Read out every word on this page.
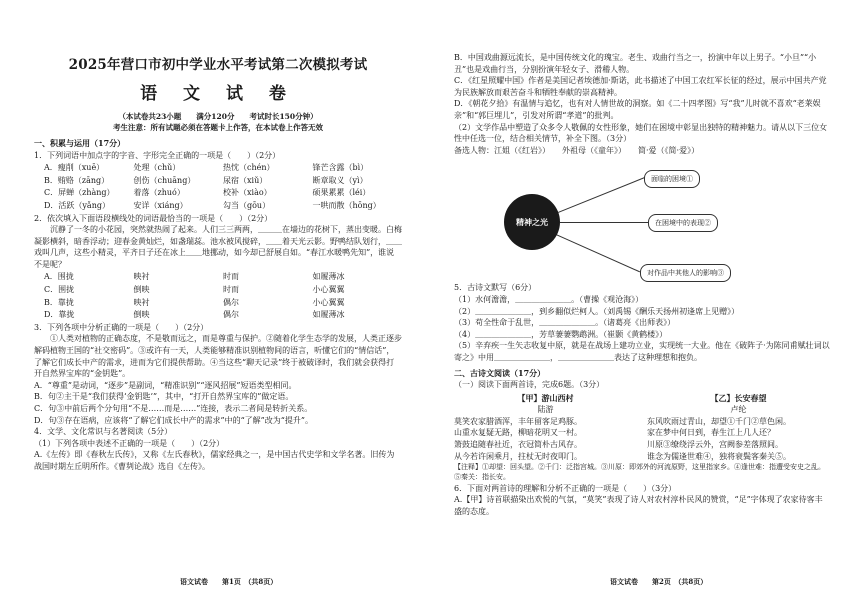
2025年营口市初中学业水平考试第二次模拟考试
语 文 试 卷

（本试卷共23小题　　满分120分　　考试时长150分钟）

考生注意：所有试题必须在答题卡上作答，在本试卷上作答无效

一、积累与运用（17分）

1．下列词语中加点字的字音、字形完全正确的一项是（　　）（2分）

A．瘦削（xuē）	处理（chǔ）	热忱（chén）	锋芒含露（bì）
B．贿赂（zāng）	创伤（chuāng）	尿宿（xiǔ）	断章取义（yì）
C．屏蝉（zhàng）	着落（zhuó）	校补（xiào）	硕果累累（léi）
D．活跃（yǎng）	安详（xiáng）	勾当（gōu）	一哄而散（hōng）

2．依次填入下面语段横线处的词语最恰当的一项是（　　）（2分）

沉静了一冬的小花园，突然就热闹了起来。人们三三两两，＿＿＿在墙边的花树下，蒸出变暖。白梅凝影横斜，暗香浮动；迎春金黄灿烂，如盏瑞蕊。池水被风搅碎，＿＿着天光云影。野鸭结队划行，＿＿戏叫几声，这些小精灵，平齐日子还在冰上＿＿地挪动，如今却已舒展自如。“春江水暖鸭先知”，谁说不是呢？

A．围拢	映衬	时而	如履薄冰
C．围拢	倒映	时而	小心翼翼
B．靠拢	映衬	偶尔	小心翼翼
D．靠拢	倒映	偶尔	如履薄冰

3．下列各项中分析正确的一项是（　　）（2分）

①人类对植物的正确态度，不是敬而远之，而是尊重与保护。②随着化学生态学的发展，人类正逐步解码植物王国的“社交密码”。③或许有一天，人类能够精准识别植物间的语言，听懂它们的“情信话”，了解它们成长中产的需求，进而为它们提供帮助。④当这些“聊天记录”终于被破译时，我们就会获得打开自然界宝库的“金钥匙”。

A．“尊重”是动词，“逐步”是副词，“精准识别”“逐风招展”短语类型相同。

B．句②主干是“我们获得‘金钥匙’”，其中，“打开自然界宝库的”做定语。

C．句③中前后两个分句用“不是……而是……”连接，表示二者间是转折关系。

D．句③存在语病，应该将“了解它们成长中产的需求”中的“了解”改为“提升”。

4．文学、文化常识与名著阅读（5分）

（1）下列各项中表述不正确的一项是（　　）（2分）

A.《左传》即《春秋左氏传》，又称《左氏春秋》，儒家经典之一，是中国古代史学和文学名著。旧传为战国时期左丘明所作。《曹刿论战》选自《左传》。

语文试卷　　第1页　（共8页）

B．中国戏曲源远流长，是中国传统文化的瑰宝。老生、戏曲行当之一，扮演中年以上男子。“小旦”“小丑”也是戏曲行当，分别扮演年轻女子、滑稽人物。

C．《红星照耀中国》作者是美国记者埃德加·斯诺，此书描述了中国工农红军长征的经过，展示中国共产党为民族解放而艰苦奋斗和牺牲奉献的崇高精神。

D．《朝花夕拾》有温情与追忆，也有对人情世故的洞察。如《二十四孝图》写“我”儿时就不喜欢“老莱娱亲”和“郭巨埋儿”，引发对所谓“孝道”的批判。

（2）文学作品中塑造了众多令人敬佩的女性形象，她们在困境中彰显出独特的精神魅力。请从以下三位女性中任选一位，结合相关情节，补全下图。（3分）

备选人物：江姐（《红岩》）　　外祖母（《童年》）　　简·爱（《简·爱》）

精神之光
面临的困境①
在困境中的表现②
对作品中其他人的影响③

5．古诗文默写（6分）

（1）水何澹澹，＿＿＿＿＿＿＿。（曹操《观沧海》）

（2）＿＿＿＿＿＿＿，到乡翻似烂柯人。（刘禹锡《酬乐天扬州初逢席上见赠》）

（3）苟全性命于乱世，＿＿＿＿＿＿＿。（诸葛亮《出师表》）

（4）＿＿＿＿＿＿＿，芳草萋萋鹦鹉洲。（崔颢《黄鹤楼》）

（5）辛弃疾一生矢志收复中原，就是在战场上建功立业，实现统一大业。他在《破阵子·为陈同甫赋壮词以寄之》中用＿＿＿＿＿＿＿，＿＿＿＿＿＿＿表达了这种理想和抱负。

二、古诗文阅读（17分）

（一）阅读下面两首诗，完成6题。（3分）

【甲】游山西村
陆游
莫笑农家腊酒浑，丰年留客足鸡豚。
山重水复疑无路，柳暗花明又一村。
箫鼓追随春社近，衣冠简朴古风存。
从今若许闲乘月，拄杖无时夜叩门。
【乙】长安春望
卢纶
东风吹雨过青山，却望①千门②草色闲。
家在梦中何日到，春生江上几人还？
川原③缭绕浮云外，宫阙参差落照间。
谁念为儒逢世难④，独将衰鬓客秦关⑤。

【注释】①却望：回头望。②千门：泛指宫城。③川原：即郊外的河流原野，这里指家乡。④逢世难：指遭受安史之乱。⑤秦关：指长安。

6．下面对两首诗的理解和分析不正确的一项是（　　）（3分）

A.【甲】诗首联描染出欢悦的气氛，“莫笑”表现了诗人对农村淳朴民风的赞赏，“足”字体现了农家待客丰盛的态度。

语文试卷　　第2页　（共8页）
